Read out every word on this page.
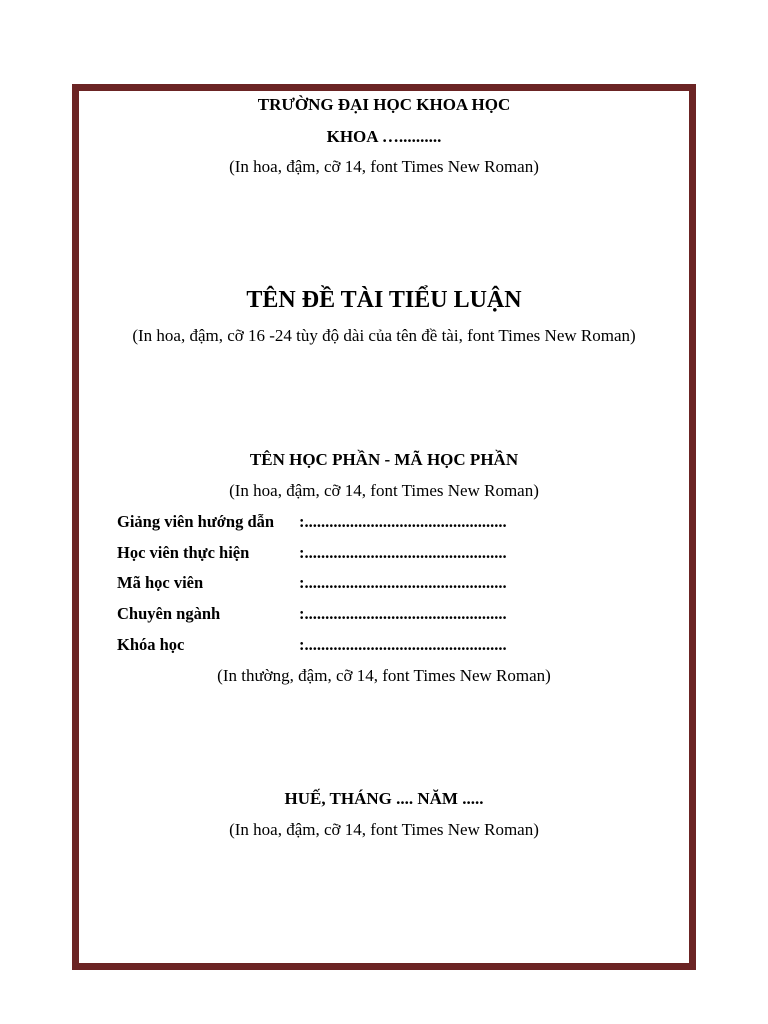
TRƯỜNG ĐẠI HỌC KHOA HỌC
KHOA …..........
(In hoa, đậm, cỡ 14, font Times New Roman)
TÊN ĐỀ TÀI TIỂU LUẬN
(In hoa, đậm, cỡ 16 -24 tùy độ dài của tên đề tài, font Times New Roman)
TÊN HỌC PHẦN - MÃ HỌC PHẦN
(In hoa, đậm, cỡ 14, font Times New Roman)
Giảng viên hướng dẫn :.................................................
Học viên thực hiện	:.................................................
Mã học viên	:.................................................
Chuyên ngành	:.................................................
Khóa học	:.................................................
(In thường, đậm, cỡ 14, font Times New Roman)
HUẾ, THÁNG .... NĂM .....
(In hoa, đậm, cỡ 14, font Times New Roman)
